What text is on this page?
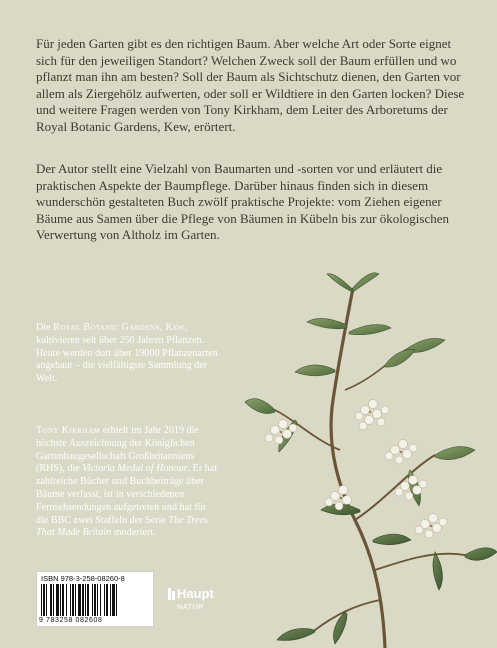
Für jeden Garten gibt es den richtigen Baum. Aber welche Art oder Sorte eignet sich für den jeweiligen Standort? Welchen Zweck soll der Baum erfüllen und wo pflanzt man ihn am besten? Soll der Baum als Sichtschutz dienen, den Garten vor allem als Ziergehölz aufwerten, oder soll er Wildtiere in den Garten locken? Diese und weitere Fragen werden von Tony Kirkham, dem Leiter des Arboretums der Royal Botanic Gardens, Kew, erörtert.

Der Autor stellt eine Vielzahl von Baumarten und -sorten vor und erläutert die praktischen Aspekte der Baumpflege. Darüber hinaus finden sich in diesem wunderschön gestalteten Buch zwölf praktische Projekte: vom Ziehen eigener Bäume aus Samen über die Pflege von Bäumen in Kübeln bis zur ökologischen Verwertung von Altholz im Garten.

Die Royal Botanic Gardens, Kew, kultivieren seit über 250 Jahren Pflanzen. Heute werden dort über 19000 Pflanzenarten angebaut – die vielfältigste Sammlung der Welt.

Tony Kirkham erhielt im Jahr 2019 die höchste Auszeichnung der Königlichen Gartenbaugesellschaft Großbritanniens (RHS), die Victoria Medal of Honour. Er hat zahlreiche Bücher und Buchbeiträge über Bäume verfasst, ist in verschiedenen Fernsehsendungen aufgetreten und hat für die BBC zwei Staffeln der Serie The Trees That Made Britain moderiert.

ISBN 978-3-258-08260-8
9 783258 082608
Haupt
NATUR
